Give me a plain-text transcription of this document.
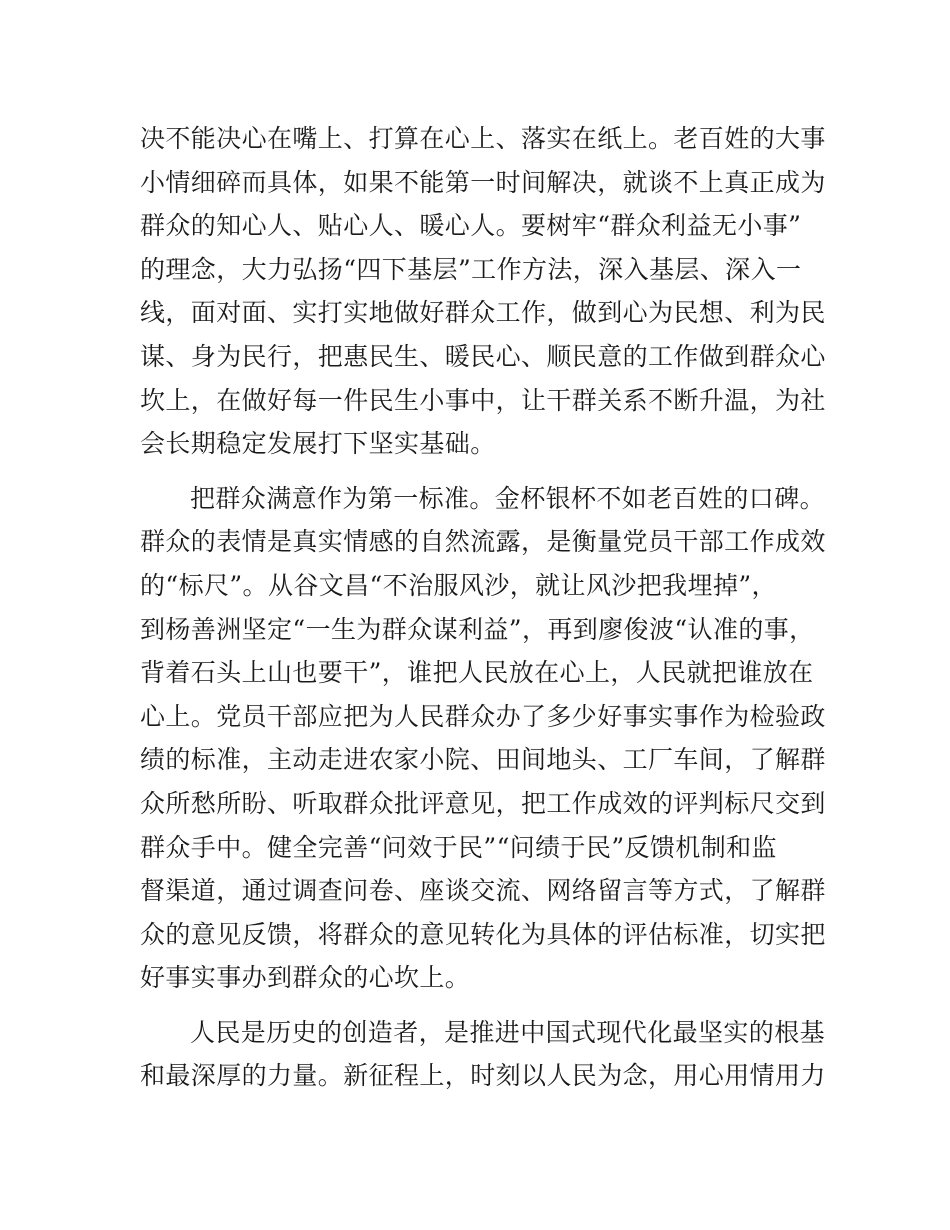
决不能决心在嘴上、打算在心上、落实在纸上。老百姓的大事
小情细碎而具体，如果不能第一时间解决，就谈不上真正成为
群众的知心人、贴心人、暖心人。要树牢“群众利益无小事”
的理念，大力弘扬“四下基层”工作方法，深入基层、深入一
线，面对面、实打实地做好群众工作，做到心为民想、利为民
谋、身为民行，把惠民生、暖民心、顺民意的工作做到群众心
坎上，在做好每一件民生小事中，让干群关系不断升温，为社
会长期稳定发展打下坚实基础。
把群众满意作为第一标准。金杯银杯不如老百姓的口碑。
群众的表情是真实情感的自然流露，是衡量党员干部工作成效
的“标尺”。从谷文昌“不治服风沙，就让风沙把我埋掉”，
到杨善洲坚定“一生为群众谋利益”，再到廖俊波“认准的事，
背着石头上山也要干”，谁把人民放在心上，人民就把谁放在
心上。党员干部应把为人民群众办了多少好事实事作为检验政
绩的标准，主动走进农家小院、田间地头、工厂车间，了解群
众所愁所盼、听取群众批评意见，把工作成效的评判标尺交到
群众手中。健全完善“问效于民”“问绩于民”反馈机制和监
督渠道，通过调查问卷、座谈交流、网络留言等方式，了解群
众的意见反馈，将群众的意见转化为具体的评估标准，切实把
好事实事办到群众的心坎上。
人民是历史的创造者，是推进中国式现代化最坚实的根基
和最深厚的力量。新征程上，时刻以人民为念，用心用情用力
